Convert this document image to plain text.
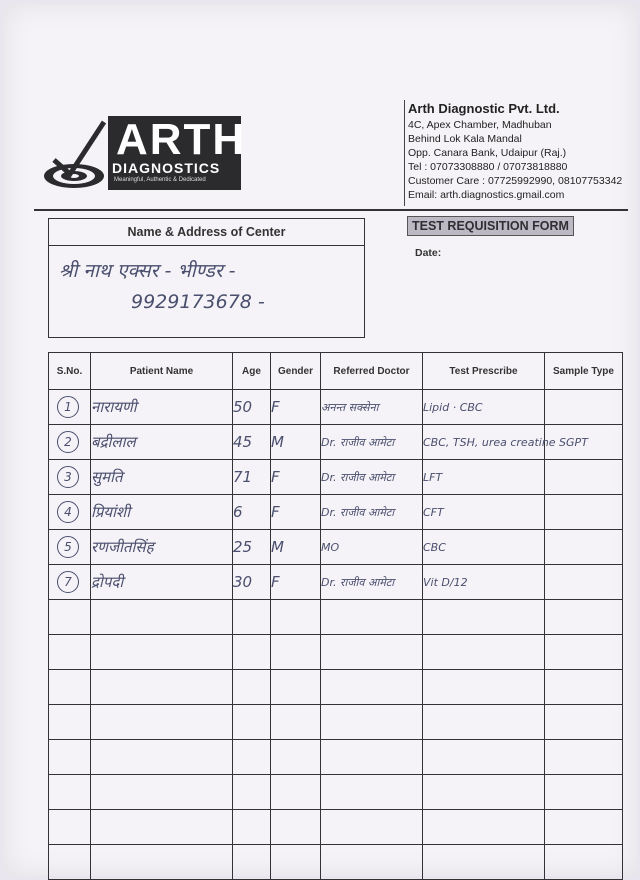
ARTH
DIAGNOSTICS
Meaningful, Authentic & Dedicated
Arth Diagnostic Pvt. Ltd.
4C, Apex Chamber, Madhuban
Behind Lok Kala Mandal
Opp. Canara Bank, Udaipur (Raj.)
Tel : 07073308880 / 07073818880
Customer Care : 07725992990, 08107753342
Email: arth.diagnostics.gmail.com
Name & Address of Center
श्री नाथ एक्सर - भीण्डर -
9929173678 -
TEST REQUISITION FORM
Date:
S.No.	Patient Name	Age	Gender	Referred Doctor	Test Prescribe	Sample Type
1	नारायणी	50	F	अनन्त सक्सेना	Lipid · CBC	

2	बद्रीलाल	45	M	Dr. राजीव आमेटा	CBC, TSH, urea creatine SGPT	

3	सुमति	71	F	Dr. राजीव आमेटा	LFT	

4	प्रियांशी	6	F	Dr. राजीव आमेटा	CFT	

5	रणजीतसिंह	25	M	MO	CBC	

7	द्रोपदी	30	F	Dr. राजीव आमेटा	Vit D/12	
